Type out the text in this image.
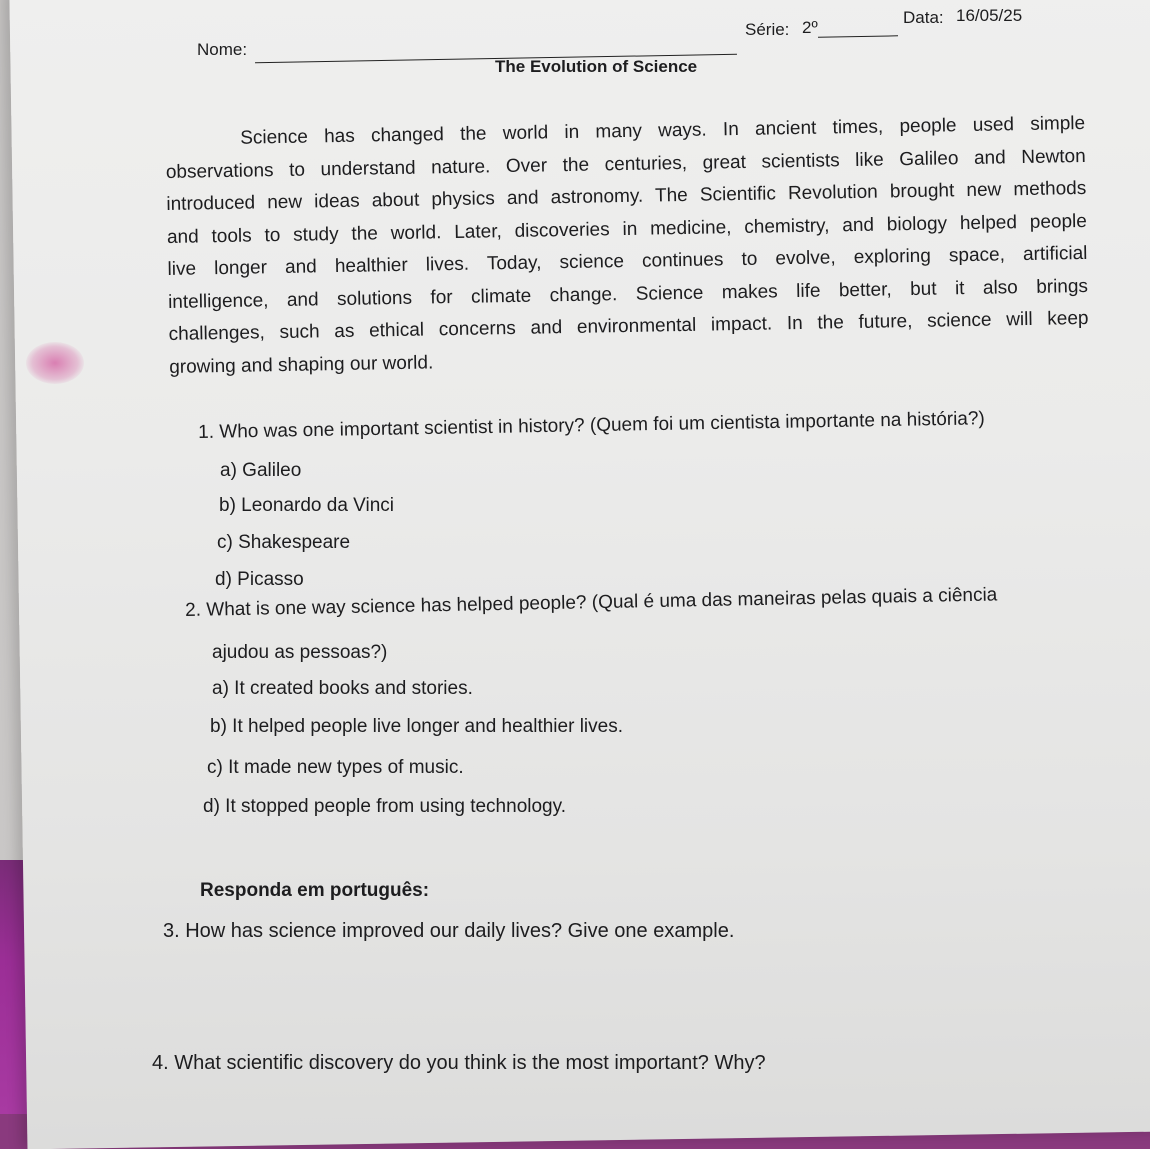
Nome:
Série: 2º
Data: 16/05/25
The Evolution of Science
Science has changed the world in many ways. In ancient times, people used simple
observations to understand nature. Over the centuries, great scientists like Galileo and Newton
introduced new ideas about physics and astronomy. The Scientific Revolution brought new methods
and tools to study the world. Later, discoveries in medicine, chemistry, and biology helped people
live longer and healthier lives. Today, science continues to evolve, exploring space, artificial
intelligence, and solutions for climate change. Science makes life better, but it also brings
challenges, such as ethical concerns and environmental impact. In the future, science will keep
growing and shaping our world.
1. Who was one important scientist in history? (Quem foi um cientista importante na história?)
a) Galileo
b) Leonardo da Vinci
c) Shakespeare
d) Picasso
2. What is one way science has helped people? (Qual é uma das maneiras pelas quais a ciência
ajudou as pessoas?)
a) It created books and stories.
b) It helped people live longer and healthier lives.
c) It made new types of music.
d) It stopped people from using technology.
Responda em português:
3. How has science improved our daily lives? Give one example.
4. What scientific discovery do you think is the most important? Why?
